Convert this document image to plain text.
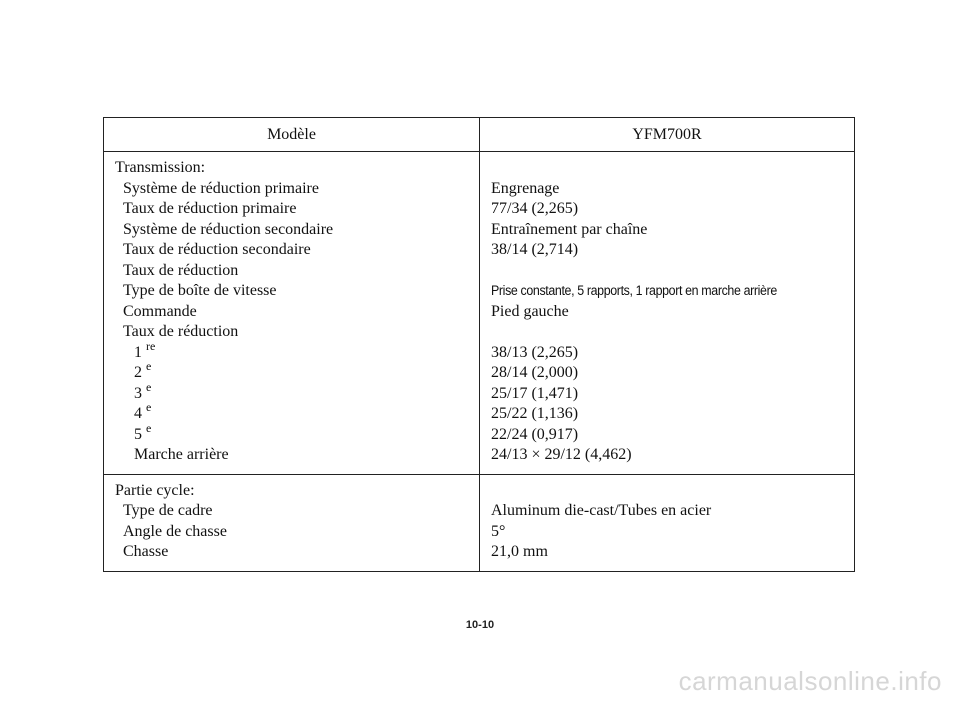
Modèle	YFM700R
Transmission:
Système de réduction primaire
Taux de réduction primaire
Système de réduction secondaire
Taux de réduction secondaire
Taux de réduction
Type de boîte de vitesse
Commande
Taux de réduction
1 $^{re}$
2 $^e$
3 $^e$
4 $^e$
5 $^e$
Marche arrière
Engrenage
77/34 (2,265)
Entraînement par chaîne
38/14 (2,714)
Prise constante, 5 rapports, 1 rapport en marche arrière
Pied gauche
38/13 (2,265)
28/14 (2,000)
25/17 (1,471)
25/22 (1,136)
22/24 (0,917)
24/13 × 29/12 (4,462)
Partie cycle:
Type de cadre
Angle de chasse
Chasse
Aluminum die-cast/Tubes en acier
5°
21,0 mm
10-10
carmanualsonline.info
